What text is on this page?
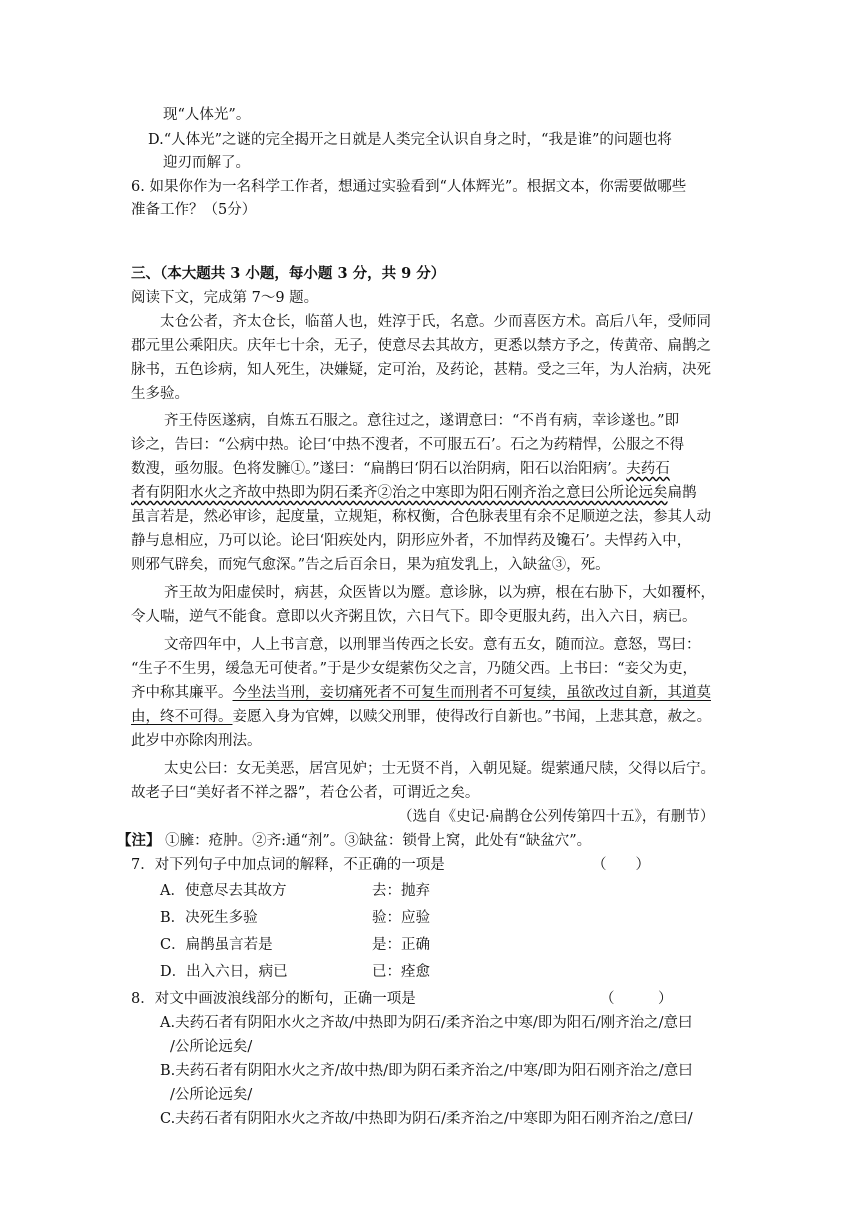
现“人体光”。
D.“人体光”之谜的完全揭开之日就是人类完全认识自身之时，“我是谁”的问题也将
迎刃而解了。
6. 如果你作为一名科学工作者，想通过实验看到“人体辉光”。根据文本，你需要做哪些
准备工作？（5分）
三、（本大题共 3 小题，每小题 3 分，共 9 分）
阅读下文，完成第 7～9 题。
太仓公者，齐太仓长，临菑人也，姓淳于氏，名意。少而喜医方术。高后八年，受师同
郡元里公乘阳庆。庆年七十余，无子，使意尽去其故方，更悉以禁方予之，传黄帝、扁鹊之
脉书，五色诊病，知人死生，决嫌疑，定可治，及药论，甚精。受之三年，为人治病，决死
生多验。
齐王侍医遂病，自炼五石服之。意往过之，遂谓意曰：“不肖有病，幸诊遂也。”即
诊之，告曰：“公病中热。论曰‘中热不溲者，不可服五石’。石之为药精悍，公服之不得
数溲，亟勿服。色将发臃①。”遂曰：“扁鹊曰‘阴石以治阴病，阳石以治阳病’。夫药石
者有阴阳水火之齐故中热即为阴石柔齐②治之中寒即为阳石刚齐治之意曰公所论远矣扁鹊
虽言若是，然必审诊，起度量，立规矩，称权衡，合色脉表里有余不足顺逆之法，参其人动
静与息相应，乃可以论。论曰‘阳疾处内，阴形应外者，不加悍药及镵石’。夫悍药入中，
则邪气辟矣，而宛气愈深。”告之后百余日，果为疽发乳上，入缺盆③，死。
齐王故为阳虚侯时，病甚，众医皆以为蹷。意诊脉，以为痹，根在右胁下，大如覆杯，
令人喘，逆气不能食。意即以火齐粥且饮，六日气下。即令更服丸药，出入六日，病已。
文帝四年中，人上书言意，以刑罪当传西之长安。意有五女，随而泣。意怒，骂曰：
“生子不生男，缓急无可使者。”于是少女缇萦伤父之言，乃随父西。上书曰：“妾父为吏，
齐中称其廉平。今坐法当刑，妾切痛死者不可复生而刑者不可复续，虽欲改过自新，其道莫
由，终不可得。妾愿入身为官婢，以赎父刑罪，使得改行自新也。”书闻，上悲其意，赦之。
此岁中亦除肉刑法。
太史公曰：女无美恶，居宫见妒；士无贤不肖，入朝见疑。缇萦通尺牍，父得以后宁。
故老子曰“美好者不祥之器”，若仓公者，可谓近之矣。
（选自《史记·扁鹊仓公列传第四十五》，有删节）
【注】 ①臃：疮肿。②齐:通“剂”。③缺盆：锁骨上窝，此处有“缺盆穴”。
7．对下列句子中加点词的解释，不正确的一项是	（　　）
A．使意尽去其故方	去：抛弃
B．决死生多验	验：应验
C．扁鹊虽言若是	是：正确
D．出入六日，病已	已：痊愈
8．对文中画波浪线部分的断句，正确一项是	（　　　）
A.夫药石者有阴阳水火之齐故/中热即为阴石/柔齐治之中寒/即为阳石/刚齐治之/意曰
/公所论远矣/
B.夫药石者有阴阳水火之齐/故中热/即为阴石柔齐治之/中寒/即为阳石刚齐治之/意曰
/公所论远矣/
C.夫药石者有阴阳水火之齐故/中热即为阴石/柔齐治之/中寒即为阳石刚齐治之/意曰/
